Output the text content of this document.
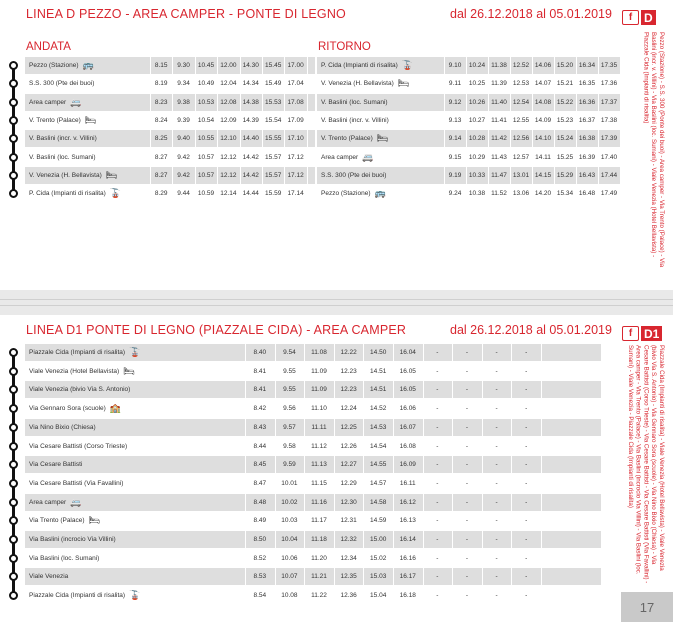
LINEA D PEZZO - AREA CAMPER - PONTE DI LEGNO	dal 26.12.2018 al 05.01.2019	f D
Pezzo (Stazione) - S.S. 300 (Ponte dei buoi) - Area camper - Via Trento (Palace) - Via Baslini (incr. v. Villini) - Via Baslini (loc. Sumani) - Viale Venezia (Hotel Bellavista) - Piazzale Cida (Impianti di risalita)
ANDATA	RITORNO
Pezzo (Stazione) 🚌	8.15	9.30	10.45 12.00 14.30 15.45 17.00
S.S. 300 (Pte dei buoi)	8.19	9.34	10.49 12.04 14.34 15.49 17.04
Area camper 🚐	8.23	9.38	10.53 12.08 14.38 15.53 17.08
V. Trento (Palace) 🛏	8.24	9.39	10.54 12.09 14.39 15.54 17.09
V. Baslini (incr. v. Villini)	8.25	9.40	10.55 12.10 14.40 15.55 17.10
V. Baslini (loc. Sumani)	8.27	9.42	10.57 12.12 14.42 15.57 17.12
V. Venezia (H. Bellavista) 🛏	8.27	9.42	10.57 12.12 14.42 15.57 17.12
P. Cida (Impianti di risalita) 🚡	8.29	9.44	10.59 12.14 14.44 15.59 17.14
P. Cida (Impianti di risalita) 🚡	9.10	10.24 11.38 12.52 14.06 15.20 16.34 17.35
V. Venezia (H. Bellavista) 🛏	9.11	10.25 11.39 12.53 14.07 15.21 16.35 17.36
V. Baslini (loc. Sumani)	9.12	10.26 11.40 12.54 14.08 15.22 16.36 17.37
V. Baslini (incr. v. Villini)	9.13	10.27 11.41 12.55 14.09 15.23 16.37 17.38
V. Trento (Palace) 🛏	9.14	10.28 11.42 12.56 14.10 15.24 16.38 17.39
Area camper 🚐	9.15	10.29 11.43 12.57 14.11 15.25 16.39 17.40
S.S. 300 (Pte dei buoi)	9.19	10.33 11.47 13.01 14.15 15.29 16.43 17.44
Pezzo (Stazione) 🚌	9.24	10.38 11.52 13.06 14.20 15.34 16.48 17.49
LINEA D1 PONTE DI LEGNO (PIAZZALE CIDA) - AREA CAMPER	dal 26.12.2018 al 05.01.2019	f D1
Piazzale Cida (Impianti di risalita) - Viale Venezia (Hotel Bellavista) - Viale Venezia (bivio Via S. Antonio) - Via Gennaro Sora (scuole) - Via Nino Bixio (Chiesa) - Via Cesare Battisti (Corso Trieste) - Via Cesare Battisti - Via Cesare Battisti (Via Favallini) - Area camper - Via Trento (Palace) - Via Baslini (incrocio Via Villini) - Via Baslini (loc. Sumani) - Viale Venezia - Piazzale Cida (Impianti di risalita)
Piazzale Cida (Impianti di risalita) 🚡	8.40	9.54	11.08	12.22	14.50	16.04	-	-	-	-
Viale Venezia (Hotel Bellavista) 🛏	8.41	9.55	11.09	12.23	14.51	16.05	-	-	-	-
Viale Venezia (bivio Via S. Antonio)	8.41	9.55	11.09	12.23	14.51	16.05	-	-	-	-
Via Gennaro Sora (scuole) 🏫	8.42	9.56	11.10	12.24	14.52	16.06	-	-	-	-
Via Nino Bixio (Chiesa)	8.43	9.57	11.11	12.25	14.53	16.07	-	-	-	-
Via Cesare Battisti (Corso Trieste)	8.44	9.58	11.12	12.26	14.54	16.08	-	-	-	-
Via Cesare Battisti	8.45	9.59	11.13	12.27	14.55	16.09	-	-	-	-
Via Cesare Battisti (Via Favallini)	8.47	10.01	11.15	12.29	14.57	16.11	-	-	-	-
Area camper 🚐	8.48	10.02	11.16	12.30	14.58	16.12	-	-	-	-
Via Trento (Palace) 🛏	8.49	10.03	11.17	12.31	14.59	16.13	-	-	-	-
Via Baslini (incrocio Via Villini)	8.50	10.04	11.18	12.32	15.00	16.14	-	-	-	-
Via Baslini (loc. Sumani)	8.52	10.06	11.20	12.34	15.02	16.16	-	-	-	-
Viale Venezia	8.53	10.07	11.21	12.35	15.03	16.17	-	-	-	-
Piazzale Cida (Impianti di risalita) 🚡	8.54	10.08	11.22	12.36	15.04	16.18	-	-	-	-
17
